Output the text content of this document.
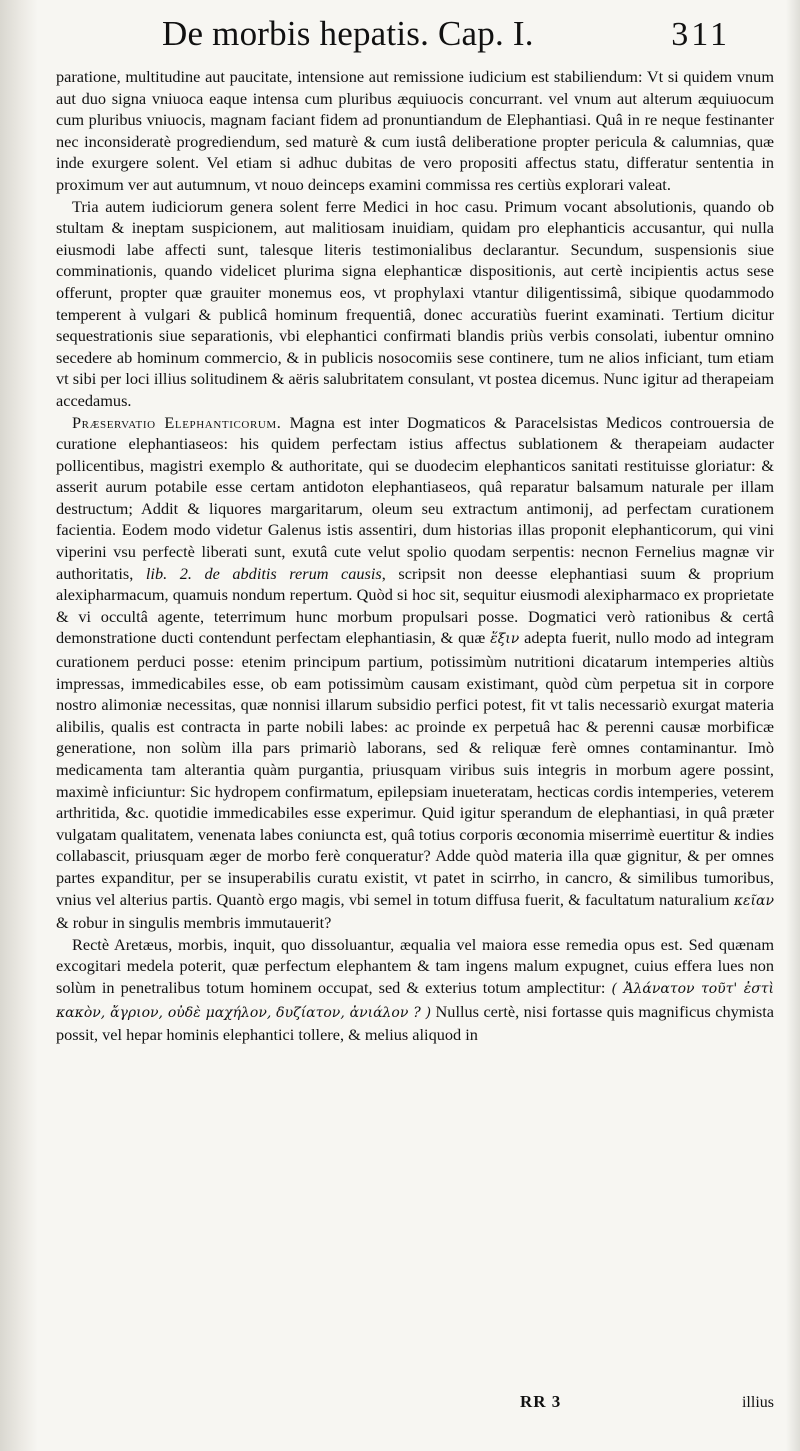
De morbis hepatis. Cap. I.	311

paratione, multitudine aut paucitate, intensione aut remissione iudicium est stabiliendum: Vt si quidem vnum aut duo signa vniuoca eaque intensa cum pluribus æquiuocis concurrant. vel vnum aut alterum æquiuocum cum pluribus vniuocis, magnam faciant fidem ad pronuntiandum de Elephantiasi. Quâ in re neque festinanter nec inconsideratè progrediendum, sed maturè & cum iustâ deliberatione propter pericula & calumnias, quæ inde exurgere solent. Vel etiam si adhuc dubitas de vero propositi affectus statu, differatur sententia in proximum ver aut autumnum, vt nouo deinceps examini commissa res certiùs explorari valeat.

Tria autem iudiciorum genera solent ferre Medici in hoc casu. Primum vocant absolutionis, quando ob stultam & ineptam suspicionem, aut malitiosam inuidiam, quidam pro elephanticis accusantur, qui nulla eiusmodi labe affecti sunt, talesque literis testimonialibus declarantur. Secundum, suspensionis siue comminationis, quando videlicet plurima signa elephanticæ dispositionis, aut certè incipientis actus sese offerunt, propter quæ grauiter monemus eos, vt prophylaxi vtantur diligentissimâ, sibique quodammodo temperent à vulgari & publicâ hominum frequentiâ, donec accuratiùs fuerint examinati. Tertium dicitur sequestrationis siue separationis, vbi elephantici confirmati blandis priùs verbis consolati, iubentur omnino secedere ab hominum commercio, & in publicis nosocomiis sese continere, tum ne alios inficiant, tum etiam vt sibi per loci illius solitudinem & aëris salubritatem consulant, vt postea dicemus. Nunc igitur ad therapeiam accedamus.

Præservatio Elephanticorum. Magna est inter Dogmaticos & Paracelsistas Medicos controuersia de curatione elephantiaseos: his quidem perfectam istius affectus sublationem & therapeiam audacter pollicentibus, magistri exemplo & authoritate, qui se duodecim elephanticos sanitati restituisse gloriatur: & asserit aurum potabile esse certam antidoton elephantiaseos, quâ reparatur balsamum naturale per illam destructum; Addit & liquores margaritarum, oleum seu extractum antimonij, ad perfectam curationem facientia. Eodem modo videtur Galenus istis assentiri, dum historias illas proponit elephanticorum, qui vini viperini vsu perfectè liberati sunt, exutâ cute velut spolio quodam serpentis: necnon Fernelius magnæ vir authoritatis, lib. 2. de abditis rerum causis, scripsit non deesse elephantiasi suum & proprium alexipharmacum, quamuis nondum repertum. Quòd si hoc sit, sequitur eiusmodi alexipharmaco ex proprietate & vi occultâ agente, teterrimum hunc morbum propulsari posse. Dogmatici verò rationibus & certâ demonstratione ducti contendunt perfectam elephantiasin, & quæ ἕξιν adepta fuerit, nullo modo ad integram curationem perduci posse: etenim principum partium, potissimùm nutritioni dicatarum intemperies altiùs impressas, immedicabiles esse, ob eam potissimùm causam existimant, quòd cùm perpetua sit in corpore nostro alimoniæ necessitas, quæ nonnisi illarum subsidio perfici potest, fit vt talis necessariò exurgat materia alibilis, qualis est contracta in parte nobili labes: ac proinde ex perpetuâ hac & perenni causæ morbificæ generatione, non solùm illa pars primariò laborans, sed & reliquæ ferè omnes contaminantur. Imò medicamenta tam alterantia quàm purgantia, priusquam viribus suis integris in morbum agere possint, maximè inficiuntur: Sic hydropem confirmatum, epilepsiam inueteratam, hecticas cordis intemperies, veterem arthritida, &c. quotidie immedicabiles esse experimur. Quid igitur sperandum de elephantiasi, in quâ præter vulgatam qualitatem, venenata labes coniuncta est, quâ totius corporis œconomia miserrimè euertitur & indies collabascit, priusquam æger de morbo ferè conqueratur? Adde quòd materia illa quæ gignitur, & per omnes partes expanditur, per se insuperabilis curatu existit, vt patet in scirrho, in cancro, & similibus tumoribus, vnius vel alterius partis. Quantò ergo magis, vbi semel in totum diffusa fuerit, & facultatum naturalium κεῖαν & robur in singulis membris immutauerit?

Rectè Aretæus, morbis, inquit, quo dissoluantur, æqualia vel maiora esse remedia opus est. Sed quænam excogitari medela poterit, quæ perfectum elephantem & tam ingens malum expugnet, cuius effera lues non solùm in penetralibus totum hominem occupat, sed & exterius totum amplectitur: ( Ἀλάνατον τοῦτ' ἐστὶ κακὸν, ἄγριον, οὐδὲ μαχήλον, δυζίατον, ἀνιάλον ? ) Nullus certè, nisi fortasse quis magnificus chymista possit, vel hepar hominis elephantici tollere, & melius aliquod in

RR 3	illius
